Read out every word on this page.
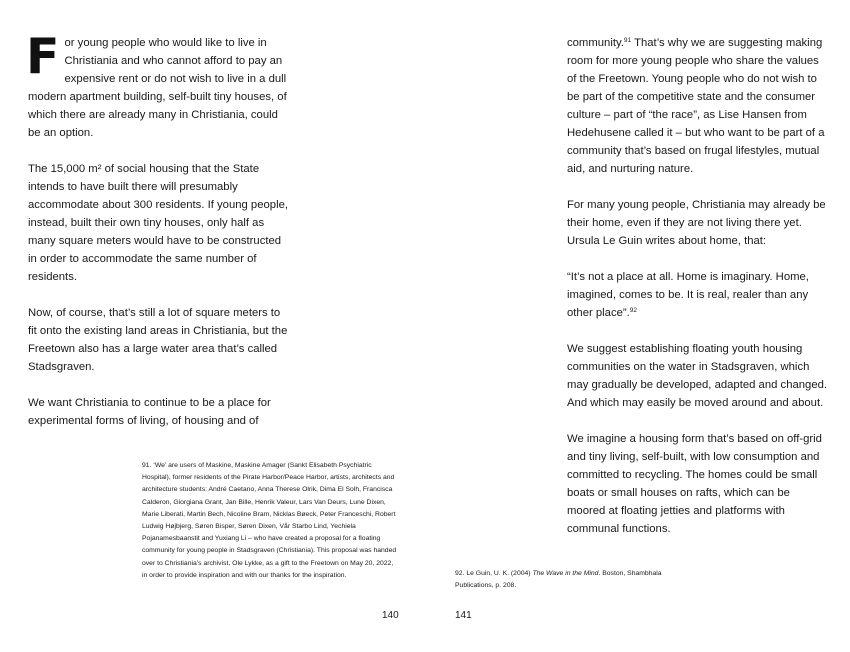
For young people who would like to live in Christiania and who cannot afford to pay an expensive rent or do not wish to live in a dull modern apartment building, self-built tiny houses, of which there are already many in Christiania, could be an option.

The 15,000 m² of social housing that the State intends to have built there will presumably accommodate about 300 residents. If young people, instead, built their own tiny houses, only half as many square meters would have to be constructed in order to accommodate the same number of residents.

Now, of course, that’s still a lot of square meters to fit onto the existing land areas in Christiania, but the Freetown also has a large water area that’s called Stadsgraven.

We want Christiania to continue to be a place for experimental forms of living, of housing and of

91. ‘We’ are users of Maskine, Maskine Amager (Sankt Elisabeth Psychiatric Hospital), former residents of the Pirate Harbor/Peace Harbor, artists, architects and architecture students: André Caetano, Anna Therese Olrik, Dima El Solh, Francisca Calderon, Giorgiana Grant, Jan Bille, Henrik Valeur, Lars Van Deurs, Lune Dixen, Marie Liberati, Martin Bech, Nicoline Bram, Nicklas Bøeck, Peter Franceschi, Robert Ludwig Højbjerg, Søren Bisper, Søren Dixen, Vår Starbo Lind, Yechiela Pojanamesbaanstit and Yuxiang Li – who have created a proposal for a floating community for young people in Stadsgraven (Christiania). This proposal was handed over to Christiania’s archivist, Ole Lykke, as a gift to the Freetown on May 20, 2022, in order to provide inspiration and with our thanks for the inspiration.
140

community.$^{91}$ That’s why we are suggesting making room for more young people who share the values of the Freetown. Young people who do not wish to be part of the competitive state and the consumer culture – part of “the race”, as Lise Hansen from Hedehusene called it – but who want to be part of a community that’s based on frugal lifestyles, mutual aid, and nurturing nature.

For many young people, Christiania may already be their home, even if they are not living there yet. Ursula Le Guin writes about home, that:

“It’s not a place at all. Home is imaginary. Home, imagined, comes to be. It is real, realer than any other place”.$^{92}$

We suggest establishing floating youth housing communities on the water in Stadsgraven, which may gradually be developed, adapted and changed. And which may easily be moved around and about.

We imagine a housing form that’s based on off-grid and tiny living, self-built, with low consumption and committed to recycling. The homes could be small boats or small houses on rafts, which can be moored at floating jetties and platforms with communal functions.

92. Le Guin, U. K. (2004) The Wave in the Mind. Boston, Shambhala Publications, p. 208.
141
